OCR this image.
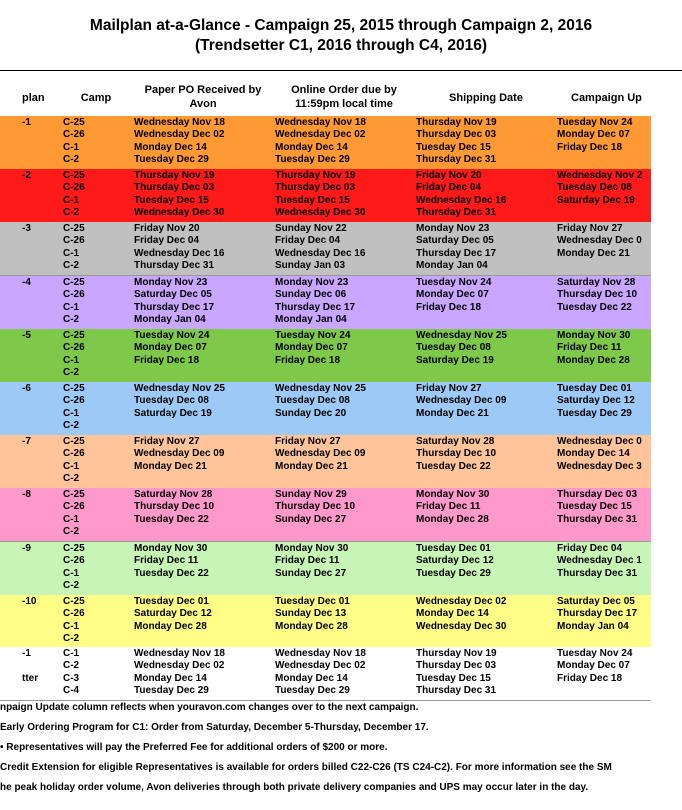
Mailplan at-a-Glance - Campaign 25, 2015 through Campaign 2, 2016
(Trendsetter C1, 2016 through C4, 2016)
plan	Camp
Paper PO Received by
Avon
Online Order due by
11:59pm local time	Shipping Date	Campaign Up
-1	C-25	Wednesday Nov 18	Wednesday Nov 18	Thursday Nov 19	Tuesday Nov 24
C-26	Wednesday Dec 02	Wednesday Dec 02	Thursday Dec 03	Monday Dec 07
C-1	Monday Dec 14	Monday Dec 14	Tuesday Dec 15	Friday Dec 18
C-2	Tuesday Dec 29	Tuesday Dec 29	Thursday Dec 31
-2	C-25	Thursday Nov 19	Thursday Nov 19	Friday Nov 20	Wednesday Nov 2
C-26	Thursday Dec 03	Thursday Dec 03	Friday Dec 04	Tuesday Dec 08
C-1	Tuesday Dec 15	Tuesday Dec 15	Wednesday Dec 16	Saturday Dec 19
C-2	Wednesday Dec 30	Wednesday Dec 30	Thursday Dec 31
-3	C-25	Friday Nov 20	Sunday Nov 22	Monday Nov 23	Friday Nov 27
C-26	Friday Dec 04	Friday Dec 04	Saturday Dec 05	Wednesday Dec 0
C-1	Wednesday Dec 16	Wednesday Dec 16	Thursday Dec 17	Monday Dec 21
C-2	Thursday Dec 31	Sunday Jan 03	Monday Jan 04
-4	C-25	Monday Nov 23	Monday Nov 23	Tuesday Nov 24	Saturday Nov 28
C-26	Saturday Dec 05	Sunday Dec 06	Monday Dec 07	Thursday Dec 10
C-1	Thursday Dec 17	Thursday Dec 17	Friday Dec 18	Tuesday Dec 22
C-2	Monday Jan 04	Monday Jan 04
-5	C-25	Tuesday Nov 24	Tuesday Nov 24	Wednesday Nov 25	Monday Nov 30
C-26	Monday Dec 07	Monday Dec 07	Tuesday Dec 08	Friday Dec 11
C-1	Friday Dec 18	Friday Dec 18	Saturday Dec 19	Monday Dec 28
C-2
-6	C-25	Wednesday Nov 25	Wednesday Nov 25	Friday Nov 27	Tuesday Dec 01
C-26	Tuesday Dec 08	Tuesday Dec 08	Wednesday Dec 09	Saturday Dec 12
C-1	Saturday Dec 19	Sunday Dec 20	Monday Dec 21	Tuesday Dec 29
C-2
-7	C-25	Friday Nov 27	Friday Nov 27	Saturday Nov 28	Wednesday Dec 0
C-26	Wednesday Dec 09	Wednesday Dec 09	Thursday Dec 10	Monday Dec 14
C-1	Monday Dec 21	Monday Dec 21	Tuesday Dec 22	Wednesday Dec 3
C-2
-8	C-25	Saturday Nov 28	Sunday Nov 29	Monday Nov 30	Thursday Dec 03
C-26	Thursday Dec 10	Thursday Dec 10	Friday Dec 11	Tuesday Dec 15
C-1	Tuesday Dec 22	Sunday Dec 27	Monday Dec 28	Thursday Dec 31
C-2
-9	C-25	Monday Nov 30	Monday Nov 30	Tuesday Dec 01	Friday Dec 04
C-26	Friday Dec 11	Friday Dec 11	Saturday Dec 12	Wednesday Dec 1
C-1	Tuesday Dec 22	Sunday Dec 27	Tuesday Dec 29	Thursday Dec 31
C-2
-10	C-25	Tuesday Dec 01	Tuesday Dec 01	Wednesday Dec 02	Saturday Dec 05
C-26	Saturday Dec 12	Sunday Dec 13	Monday Dec 14	Thursday Dec 17
C-1	Monday Dec 28	Monday Dec 28	Wednesday Dec 30	Monday Jan 04
C-2
-1	C-1	Wednesday Nov 18	Wednesday Nov 18	Thursday Nov 19	Tuesday Nov 24
C-2	Wednesday Dec 02	Wednesday Dec 02	Thursday Dec 03	Monday Dec 07
tter	C-3	Monday Dec 14	Monday Dec 14	Tuesday Dec 15	Friday Dec 18
C-4	Tuesday Dec 29	Tuesday Dec 29	Thursday Dec 31
npaign Update column reflects when youravon.com changes over to the next campaign.
Early Ordering Program for C1: Order from Saturday, December 5-Thursday, December 17.
• Representatives will pay the Preferred Fee for additional orders of $200 or more.
Credit Extension for eligible Representatives is available for orders billed C22-C26 (TS C24-C2). For more information see the SM
he peak holiday order volume, Avon deliveries through both private delivery companies and UPS may occur later in the day.
